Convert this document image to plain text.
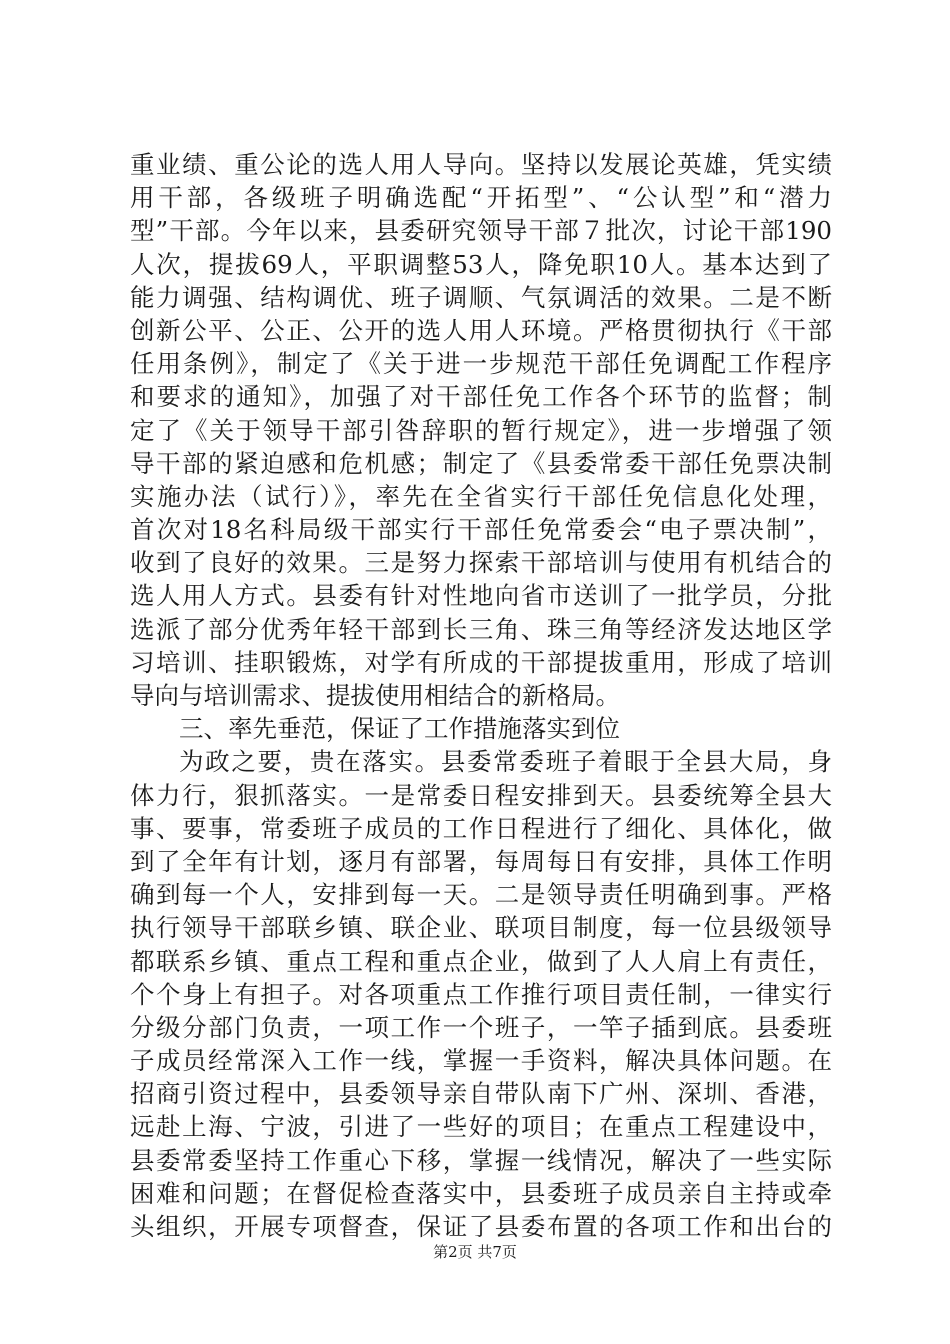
重业绩、重公论的选人用人导向。坚持以发展论英雄，凭实绩
用干部，各级班子明确选配“开拓型”、“公认型”和“潜力
型”干部。今年以来，县委研究领导干部７批次，讨论干部190
人次，提拔69人，平职调整53人，降免职10人。基本达到了
能力调强、结构调优、班子调顺、气氛调活的效果。二是不断
创新公平、公正、公开的选人用人环境。严格贯彻执行《干部
任用条例》，制定了《关于进一步规范干部任免调配工作程序
和要求的通知》，加强了对干部任免工作各个环节的监督；制
定了《关于领导干部引咎辞职的暂行规定》，进一步增强了领
导干部的紧迫感和危机感；制定了《县委常委干部任免票决制
实施办法（试行）》，率先在全省实行干部任免信息化处理，
首次对18名科局级干部实行干部任免常委会“电子票决制”，
收到了良好的效果。三是努力探索干部培训与使用有机结合的
选人用人方式。县委有针对性地向省市送训了一批学员，分批
选派了部分优秀年轻干部到长三角、珠三角等经济发达地区学
习培训、挂职锻炼，对学有所成的干部提拔重用，形成了培训
导向与培训需求、提拔使用相结合的新格局。
三、率先垂范，保证了工作措施落实到位
为政之要，贵在落实。县委常委班子着眼于全县大局，身
体力行，狠抓落实。一是常委日程安排到天。县委统筹全县大
事、要事，常委班子成员的工作日程进行了细化、具体化，做
到了全年有计划，逐月有部署，每周每日有安排，具体工作明
确到每一个人，安排到每一天。二是领导责任明确到事。严格
执行领导干部联乡镇、联企业、联项目制度，每一位县级领导
都联系乡镇、重点工程和重点企业，做到了人人肩上有责任，
个个身上有担子。对各项重点工作推行项目责任制，一律实行
分级分部门负责，一项工作一个班子，一竿子插到底。县委班
子成员经常深入工作一线，掌握一手资料，解决具体问题。在
招商引资过程中，县委领导亲自带队南下广州、深圳、香港，
远赴上海、宁波，引进了一些好的项目；在重点工程建设中，
县委常委坚持工作重心下移，掌握一线情况，解决了一些实际
困难和问题；在督促检查落实中，县委班子成员亲自主持或牵
头组织，开展专项督查，保证了县委布置的各项工作和出台的
第2页 共7页
